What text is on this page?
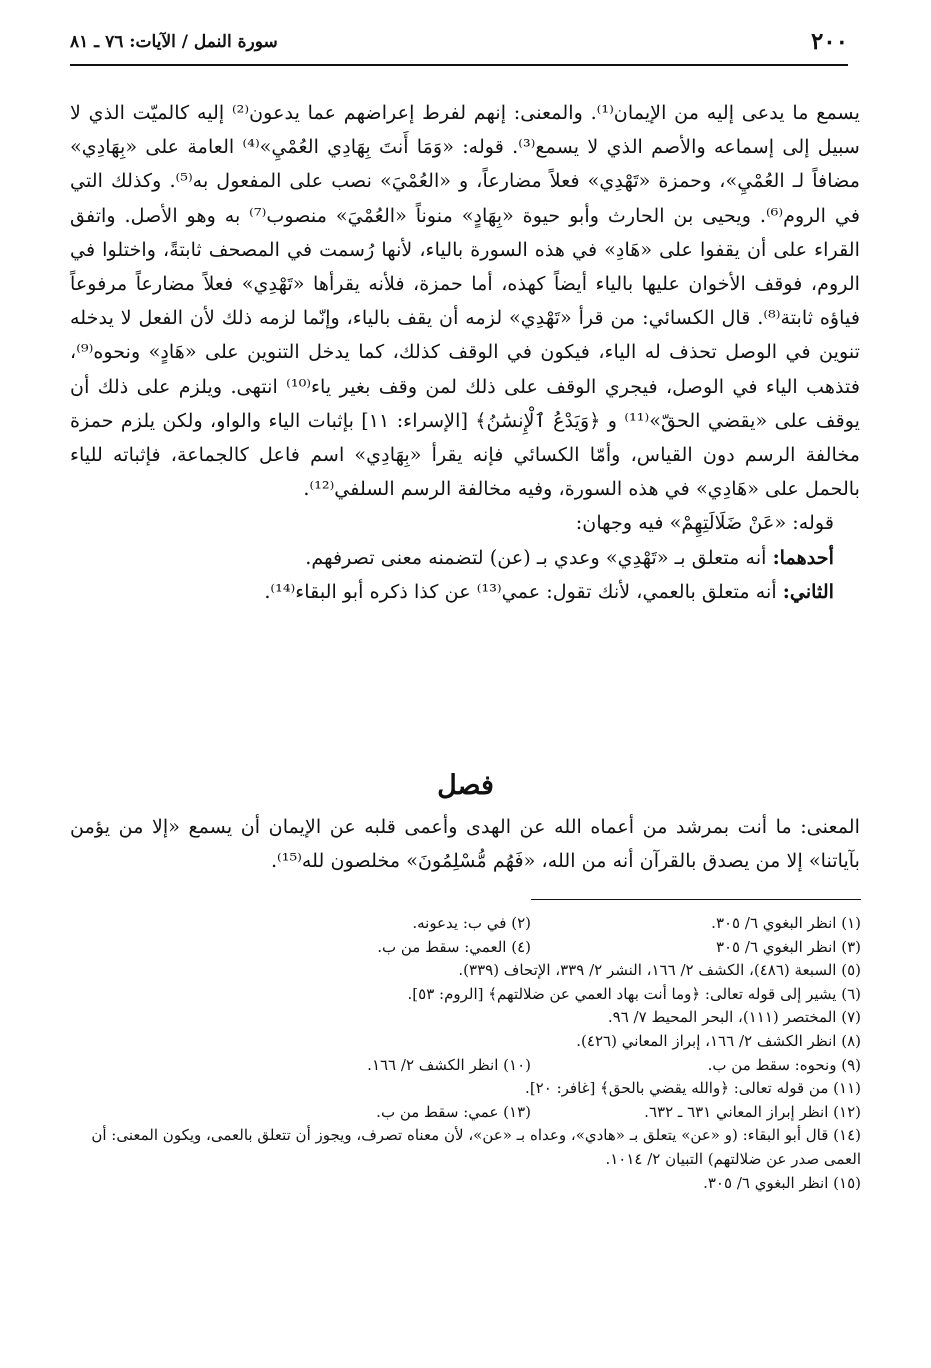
٢٠٠
سورة النمل / الآيات: ٧٦ ـ ٨١

يسمع ما يدعى إليه من الإيمان⁽¹⁾. والمعنى: إنهم لفرط إعراضهم عما يدعون⁽²⁾ إليه كالميّت الذي لا سبيل إلى إسماعه والأصم الذي لا يسمع⁽³⁾. قوله: «وَمَا أَنتَ بِهَادِي العُمْيِ»⁽⁴⁾ العامة على «بِهَادِي» مضافاً لـ العُمْيِ»، وحمزة «تَهْدِي» فعلاً مضارعاً، و «العُمْيَ» نصب على المفعول به⁽⁵⁾. وكذلك التي في الروم⁽⁶⁾. ويحيى بن الحارث وأبو حيوة «بِهَادٍ» منوناً «العُمْيَ» منصوب⁽⁷⁾ به وهو الأصل. واتفق القراء على أن يقفوا على «هَادِ» في هذه السورة بالياء، لأنها رُسمت في المصحف ثابتةً، واختلوا في الروم، فوقف الأخوان عليها بالياء أيضاً كهذه، أما حمزة، فلأنه يقرأها «تَهْدِي» فعلاً مضارعاً مرفوعاً فياؤه ثابتة⁽⁸⁾. قال الكسائي: من قرأ «تَهْدِي» لزمه أن يقف بالياء، وإنّما لزمه ذلك لأن الفعل لا يدخله تنوين في الوصل تحذف له الياء، فيكون في الوقف كذلك، كما يدخل التنوين على «هَادٍ» ونحوه⁽⁹⁾، فتذهب الياء في الوصل، فيجري الوقف على ذلك لمن وقف بغير ياء⁽¹⁰⁾ انتهى. ويلزم على ذلك أن يوقف على «يقضي الحقّ»⁽¹¹⁾ و ﴿وَيَدْعُ ٱلْإِنسَٰنُ﴾ [الإسراء: ١١] بإثبات الياء والواو، ولكن يلزم حمزة مخالفة الرسم دون القياس، وأمّا الكسائي فإنه يقرأ «بِهَادِي» اسم فاعل كالجماعة، فإثباته للياء بالحمل على «هَادِي» في هذه السورة، وفيه مخالفة الرسم السلفي⁽¹²⁾.

قوله: «عَنْ ضَلَالَتِهِمْ» فيه وجهان:

أحدهما: أنه متعلق بـ «تَهْدِي» وعدي بـ (عن) لتضمنه معنى تصرفهم.

الثاني: أنه متعلق بالعمي، لأنك تقول: عمي⁽¹³⁾ عن كذا ذكره أبو البقاء⁽¹⁴⁾.

فصل

المعنى: ما أنت بمرشد من أعماه الله عن الهدى وأعمى قلبه عن الإيمان أن يسمع «إلا من يؤمن بآياتنا» إلا من يصدق بالقرآن أنه من الله، «فَهُم مُّسْلِمُونَ» مخلصون لله⁽¹⁵⁾.

(١) انظر البغوي ٦/ ٣٠٥.
(٢) في ب: يدعونه.
(٣) انظر البغوي ٦/ ٣٠٥
(٤) العمي: سقط من ب.
(٥) السبعة (٤٨٦)، الكشف ٢/ ١٦٦، النشر ٢/ ٣٣٩، الإتحاف (٣٣٩).
(٦) يشير إلى قوله تعالى: ﴿وما أنت بهاد العمي عن ضلالتهم﴾ [الروم: ٥٣].
(٧) المختصر (١١١)، البحر المحيط ٧/ ٩٦.
(٨) انظر الكشف ٢/ ١٦٦، إبراز المعاني (٤٢٦).
(٩) ونحوه: سقط من ب.
(١٠) انظر الكشف ٢/ ١٦٦.
(١١) من قوله تعالى: ﴿والله يقضي بالحق﴾ [غافر: ٢٠].
(١٢) انظر إبراز المعاني ٦٣١ ـ ٦٣٢.
(١٣) عمي: سقط من ب.
(١٤) قال أبو البقاء: (و «عن» يتعلق بـ «هادي»، وعداه بـ «عن»، لأن معناه تصرف، ويجوز أن تتعلق بالعمى، ويكون المعنى: أن العمى صدر عن ضلالتهم) التبيان ٢/ ١٠١٤.
(١٥) انظر البغوي ٦/ ٣٠٥.
